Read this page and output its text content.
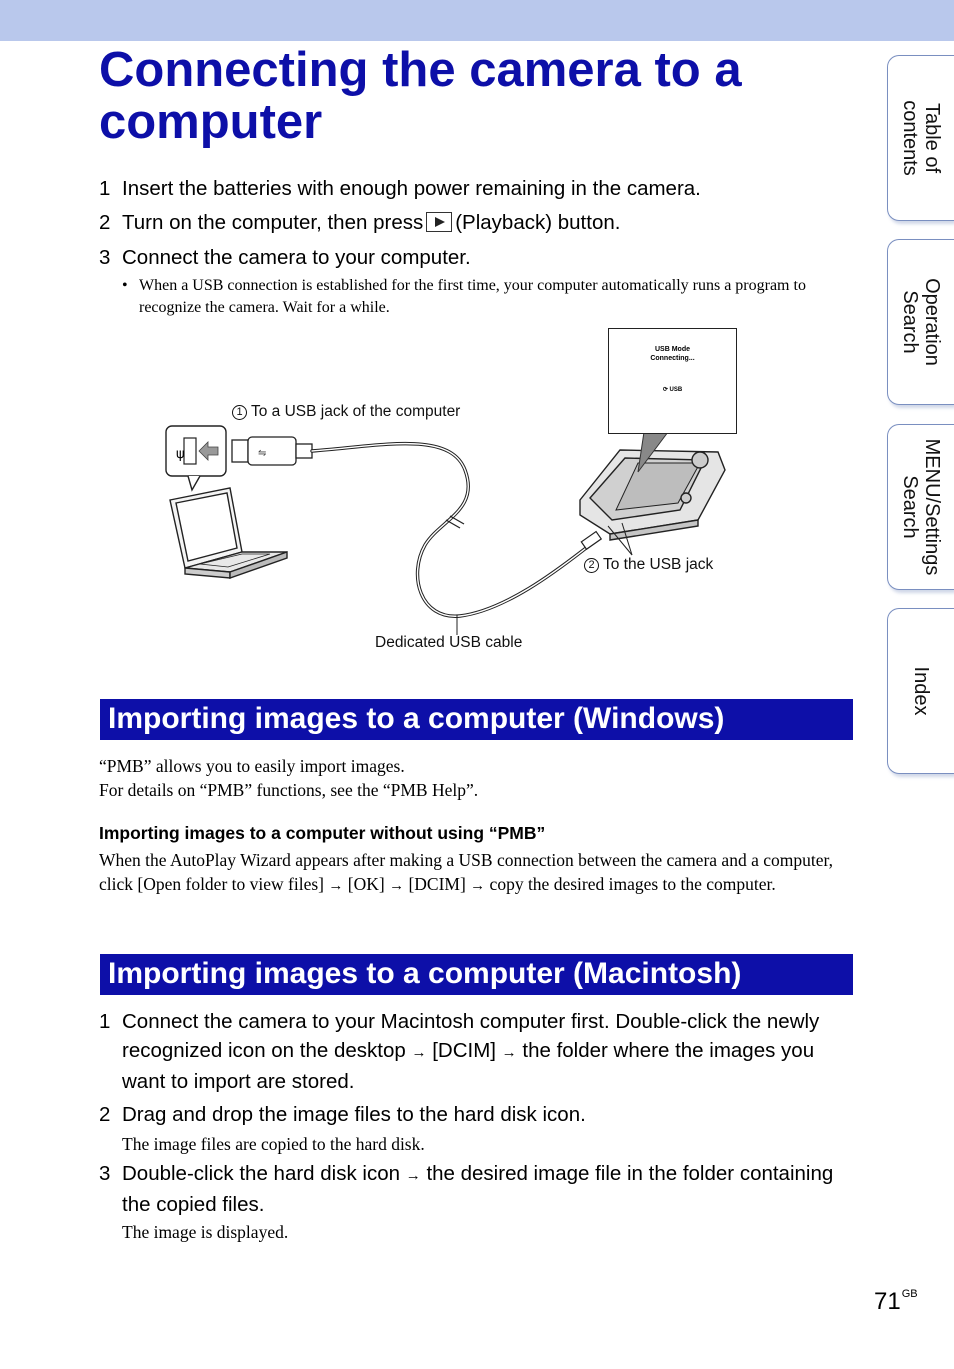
Connecting the camera to a computer
1 Insert the batteries with enough power remaining in the camera.
2 Turn on the computer, then press (Playback) button.
3 Connect the camera to your computer.
• When a USB connection is established for the first time, your computer automatically runs a program to recognize the camera. Wait for a while.
ψ	⇋
USB Mode
Connecting...
⟳ USB
1 To a USB jack of the computer
2 To the USB jack
Dedicated USB cable
Importing images to a computer (Windows)
“PMB” allows you to easily import images.
For details on “PMB” functions, see the “PMB Help”.
Importing images to a computer without using “PMB”
When the AutoPlay Wizard appears after making a USB connection between the camera and a computer, click [Open folder to view files] → [OK] → [DCIM] → copy the desired images to the computer.
Importing images to a computer (Macintosh)
1 Connect the camera to your Macintosh computer first. Double-click the newly recognized icon on the desktop → [DCIM] → the folder where the images you want to import are stored.
2 Drag and drop the image files to the hard disk icon.
The image files are copied to the hard disk.
3 Double-click the hard disk icon → the desired image file in the folder containing the copied files.
The image is displayed.
Table of
contents
Operation
Search
MENU/Settings
Search
Index
$71^{GB}$
